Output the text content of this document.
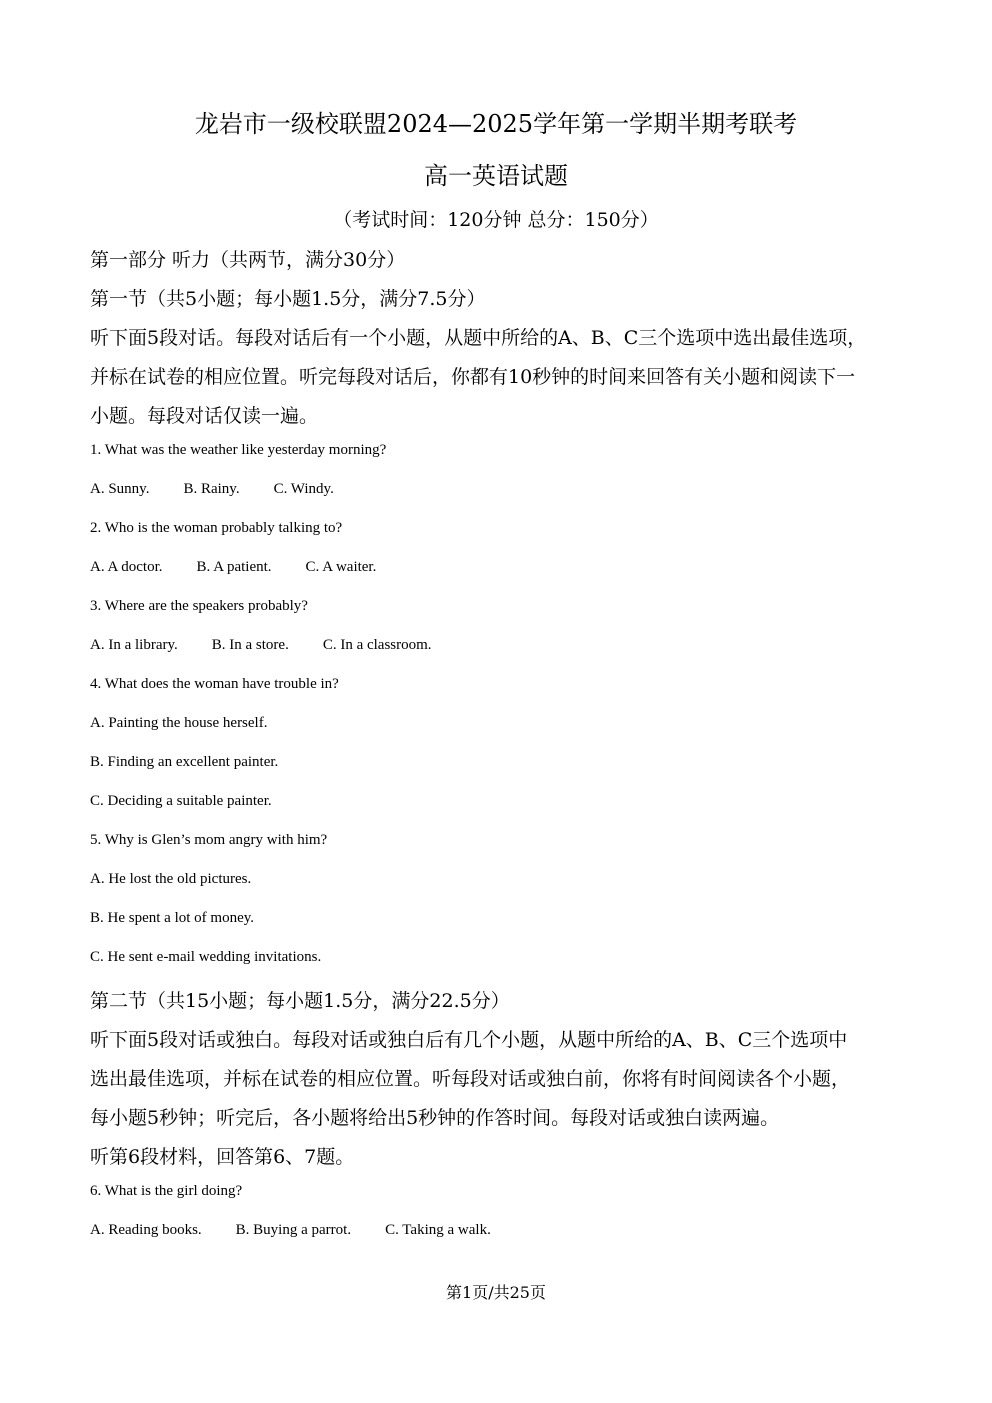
龙岩市一级校联盟2024—2025学年第一学期半期考联考
高一英语试题
（考试时间：120分钟 总分：150分）
第一部分 听力（共两节，满分30分）
第一节（共5小题；每小题1.5分，满分7.5分）
听下面5段对话。每段对话后有一个小题，从题中所给的A、B、C三个选项中选出最佳选项，
并标在试卷的相应位置。听完每段对话后，你都有10秒钟的时间来回答有关小题和阅读下一
小题。每段对话仅读一遍。
1. What was the weather like yesterday morning?
A. Sunny. B. Rainy. C. Windy.
2. Who is the woman probably talking to?
A. A doctor. B. A patient. C. A waiter.
3. Where are the speakers probably?
A. In a library. B. In a store. C. In a classroom.
4. What does the woman have trouble in?
A. Painting the house herself.
B. Finding an excellent painter.
C. Deciding a suitable painter.
5. Why is Glen’s mom angry with him?
A. He lost the old pictures.
B. He spent a lot of money.
C. He sent e-mail wedding invitations.
第二节（共15小题；每小题1.5分，满分22.5分）
听下面5段对话或独白。每段对话或独白后有几个小题，从题中所给的A、B、C三个选项中
选出最佳选项，并标在试卷的相应位置。听每段对话或独白前，你将有时间阅读各个小题，
每小题5秒钟；听完后，各小题将给出5秒钟的作答时间。每段对话或独白读两遍。
听第6段材料，回答第6、7题。
6. What is the girl doing?
A. Reading books. B. Buying a parrot. C. Taking a walk.
第1页/共25页
